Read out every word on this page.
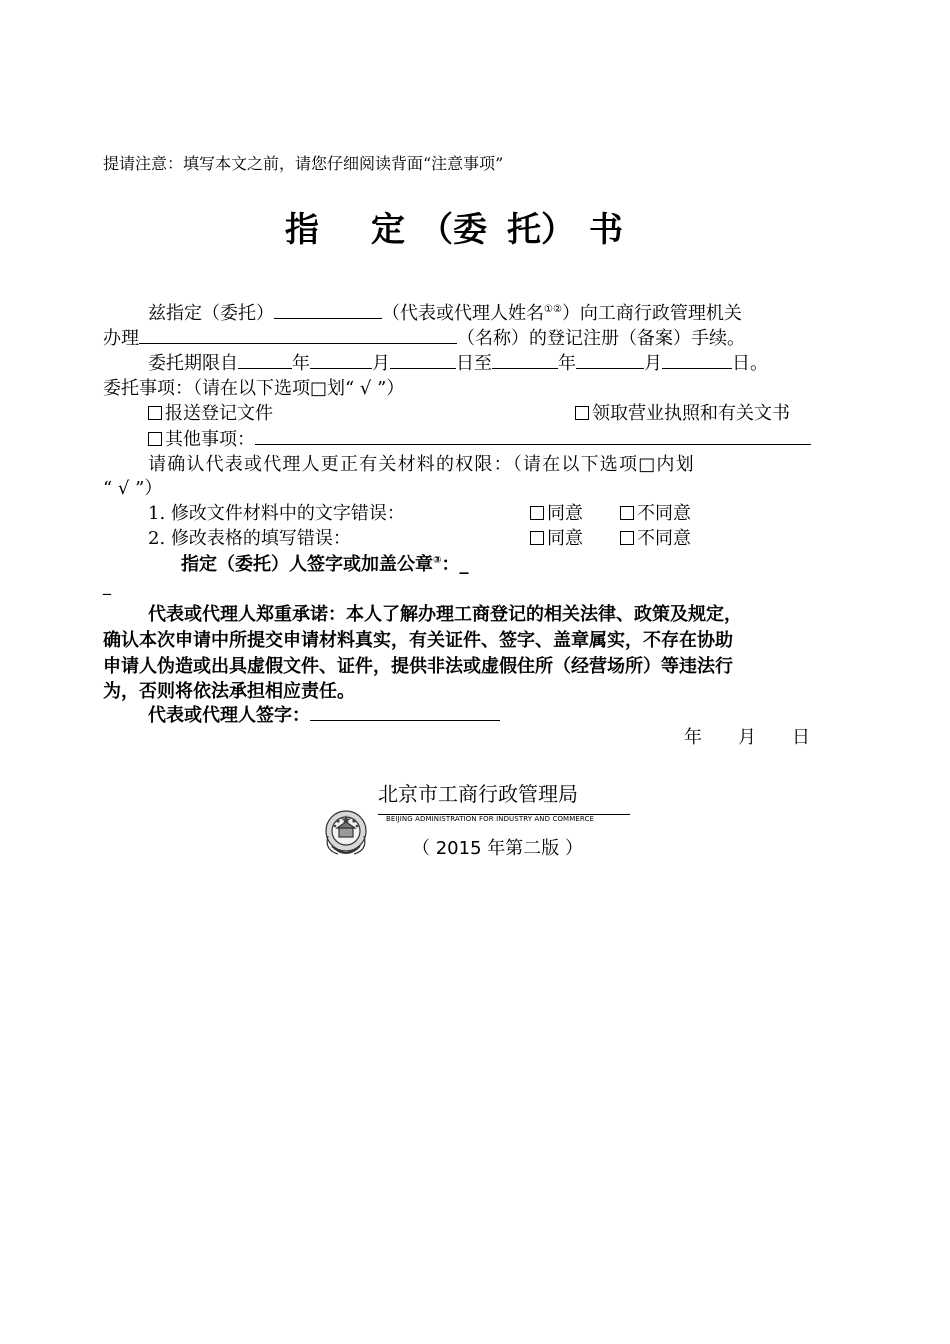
提请注意：填写本文之前，请您仔细阅读背面“注意事项”
指 定 （委 托） 书
兹指定（委托）	（代表或代理人姓名①②）向工商行政管理机关
办理	（名称）的登记注册（备案）手续。
委托期限自	年	月	日至	年	月	日。
委托事项：（请在以下选项□划“ √ ”）
报送登记文件	领取营业执照和有关文书
其他事项：
请确认代表或代理人更正有关材料的权限：（请在以下选项□内划
“ √ ”）
1. 修改文件材料中的文字错误：	同意	不同意
2. 修改表格的填写错误：	同意	不同意
指定（委托）人签字或加盖公章③：_
_
代表或代理人郑重承诺：本人了解办理工商登记的相关法律、政策及规定，
确认本次申请中所提交申请材料真实，有关证件、签字、盖章属实，不存在协助
申请人伪造或出具虚假文件、证件，提供非法或虚假住所（经营场所）等违法行
为，否则将依法承担相应责任。
代表或代理人签字：
年 月 日
北京市工商行政管理局
BEIJING ADMINISTRATION FOR INDUSTRY AND COMMERCE
（ 2015 年第二版 ）
